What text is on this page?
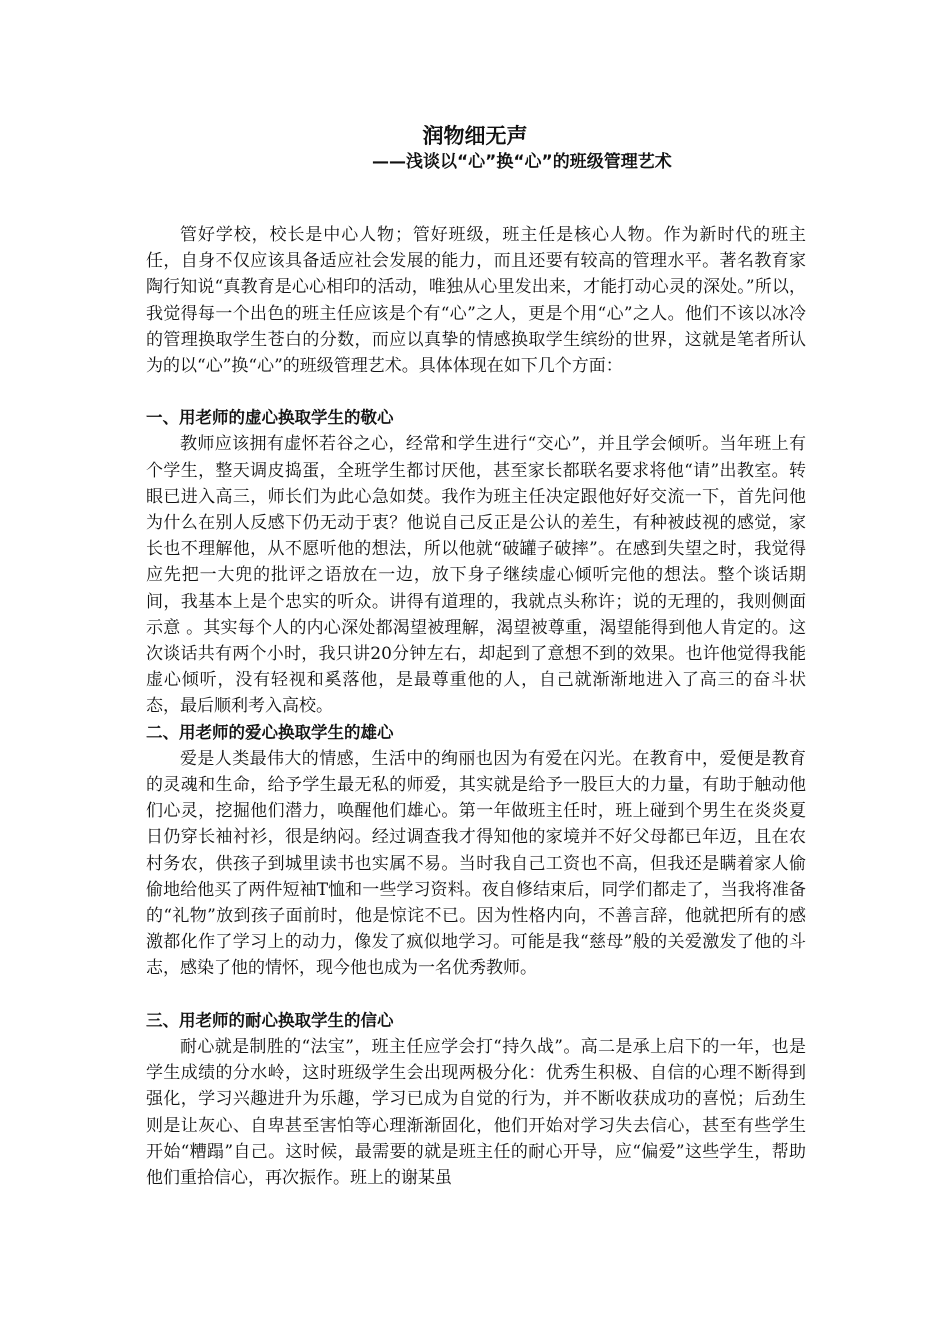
润物细无声
——浅谈以“心”换“心”的班级管理艺术

管好学校，校长是中心人物；管好班级，班主任是核心人物。作为新时代的班主任，自身不仅应该具备适应社会发展的能力，而且还要有较高的管理水平。著名教育家陶行知说“真教育是心心相印的活动，唯独从心里发出来，才能打动心灵的深处。”所以，我觉得每一个出色的班主任应该是个有“心”之人，更是个用“心”之人。他们不该以冰冷的管理换取学生苍白的分数，而应以真挚的情感换取学生缤纷的世界，这就是笔者所认为的以“心”换“心”的班级管理艺术。具体体现在如下几个方面：

一、用老师的虚心换取学生的敬心

教师应该拥有虚怀若谷之心，经常和学生进行“交心”，并且学会倾听。当年班上有个学生，整天调皮捣蛋，全班学生都讨厌他，甚至家长都联名要求将他“请”出教室。转眼已进入高三，师长们为此心急如焚。我作为班主任决定跟他好好交流一下，首先问他为什么在别人反感下仍无动于衷？他说自己反正是公认的差生，有种被歧视的感觉，家长也不理解他，从不愿听他的想法，所以他就“破罐子破摔”。在感到失望之时，我觉得应先把一大兜的批评之语放在一边，放下身子继续虚心倾听完他的想法。整个谈话期间，我基本上是个忠实的听众。讲得有道理的，我就点头称许；说的无理的，我则侧面示意 。其实每个人的内心深处都渴望被理解，渴望被尊重，渴望能得到他人肯定的。这次谈话共有两个小时，我只讲20分钟左右，却起到了意想不到的效果。也许他觉得我能虚心倾听，没有轻视和奚落他，是最尊重他的人，自己就渐渐地进入了高三的奋斗状态，最后顺利考入高校。

二、用老师的爱心换取学生的雄心

爱是人类最伟大的情感，生活中的绚丽也因为有爱在闪光。在教育中，爱便是教育的灵魂和生命，给予学生最无私的师爱，其实就是给予一股巨大的力量，有助于触动他们心灵，挖掘他们潜力，唤醒他们雄心。第一年做班主任时，班上碰到个男生在炎炎夏日仍穿长袖衬衫，很是纳闷。经过调查我才得知他的家境并不好父母都已年迈，且在农村务农，供孩子到城里读书也实属不易。当时我自己工资也不高，但我还是瞒着家人偷偷地给他买了两件短袖T恤和一些学习资料。夜自修结束后，同学们都走了，当我将准备的“礼物”放到孩子面前时，他是惊诧不已。因为性格内向，不善言辞，他就把所有的感激都化作了学习上的动力，像发了疯似地学习。可能是我“慈母”般的关爱激发了他的斗志，感染了他的情怀，现今他也成为一名优秀教师。

三、用老师的耐心换取学生的信心

耐心就是制胜的“法宝”，班主任应学会打“持久战”。高二是承上启下的一年，也是学生成绩的分水岭，这时班级学生会出现两极分化：优秀生积极、自信的心理不断得到强化，学习兴趣进升为乐趣，学习已成为自觉的行为，并不断收获成功的喜悦；后劲生则是让灰心、自卑甚至害怕等心理渐渐固化，他们开始对学习失去信心，甚至有些学生开始“糟蹋”自己。这时候，最需要的就是班主任的耐心开导，应“偏爱”这些学生，帮助他们重拾信心，再次振作。班上的谢某虽
